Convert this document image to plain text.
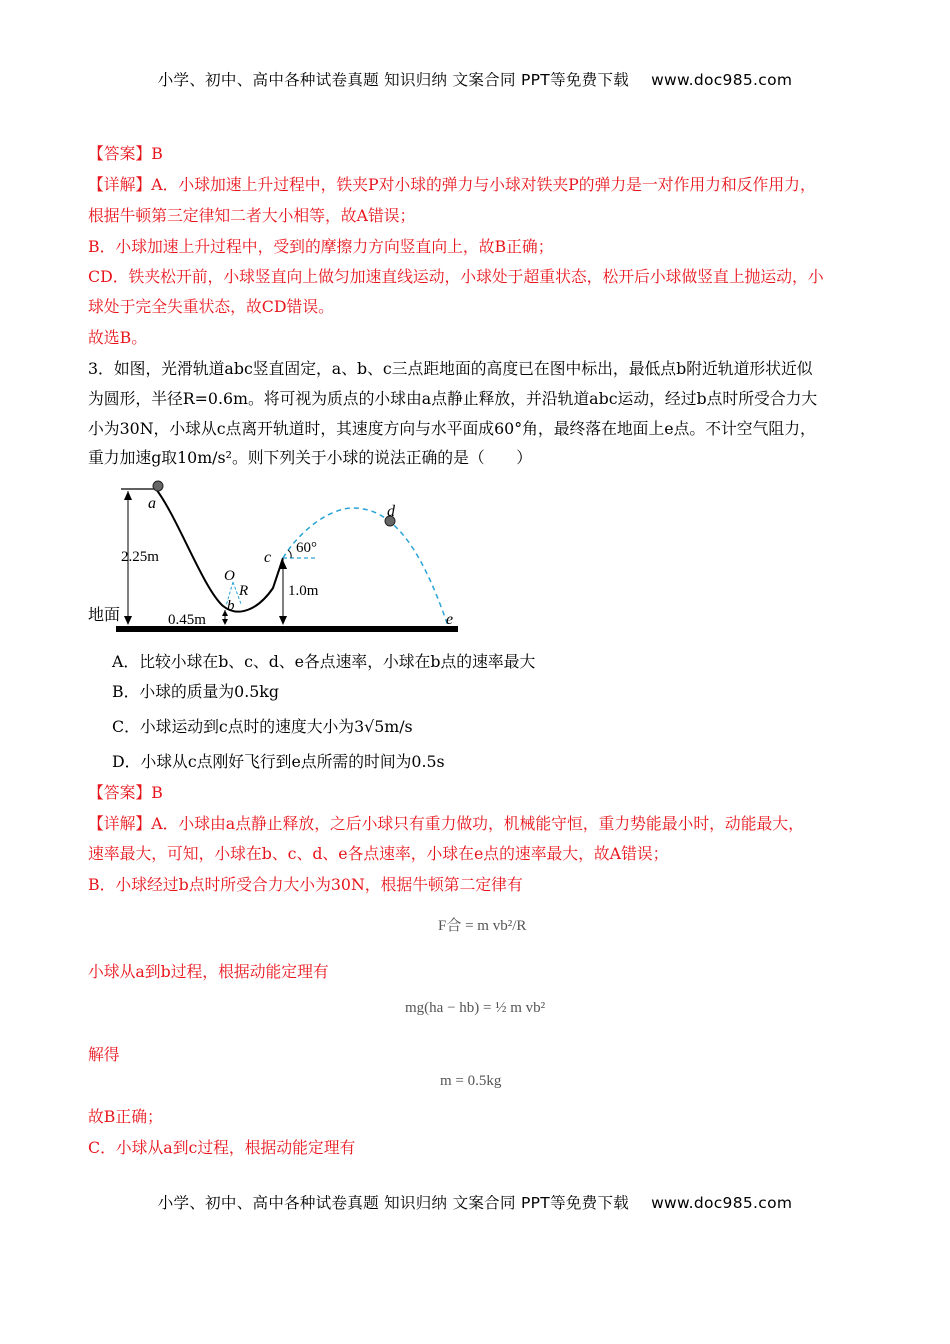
小学、初中、高中各种试卷真题 知识归纳 文案合同 PPT等免费下载 www.doc985.com
【答案】B
【详解】A．小球加速上升过程中，铁夹P对小球的弹力与小球对铁夹P的弹力是一对作用力和反作用力，
根据牛顿第三定律知二者大小相等，故A错误；
B．小球加速上升过程中，受到的摩擦力方向竖直向上，故B正确；
CD．铁夹松开前，小球竖直向上做匀加速直线运动，小球处于超重状态，松开后小球做竖直上抛运动，小
球处于完全失重状态，故CD错误。
故选B。
3．如图，光滑轨道abc竖直固定，a、b、c三点距地面的高度已在图中标出，最低点b附近轨道形状近似
为圆形，半径R=0.6m。将可视为质点的小球由a点静止释放，并沿轨道abc运动，经过b点时所受合力大
小为30N，小球从c点离开轨道时，其速度方向与水平面成60°角，最终落在地面上e点。不计空气阻力，
重力加速g取10m/s²。则下列关于小球的说法正确的是（　　）
a
O
R
b
c
d
e
2.25m
0.45m
1.0m
60°
地面
A．比较小球在b、c、d、e各点速率，小球在b点的速率最大
B．小球的质量为0.5kg
C．小球运动到c点时的速度大小为3√5m/s
D．小球从c点刚好飞行到e点所需的时间为0.5s
【答案】B
【详解】A．小球由a点静止释放，之后小球只有重力做功，机械能守恒，重力势能最小时，动能最大，
速率最大，可知，小球在b、c、d、e各点速率，小球在e点的速率最大，故A错误；
B．小球经过b点时所受合力大小为30N，根据牛顿第二定律有
F合 = m vb²/R
小球从a到b过程，根据动能定理有
mg(ha − hb) = ½ m vb²
解得
m = 0.5kg
故B正确；
C．小球从a到c过程，根据动能定理有
小学、初中、高中各种试卷真题 知识归纳 文案合同 PPT等免费下载 www.doc985.com
